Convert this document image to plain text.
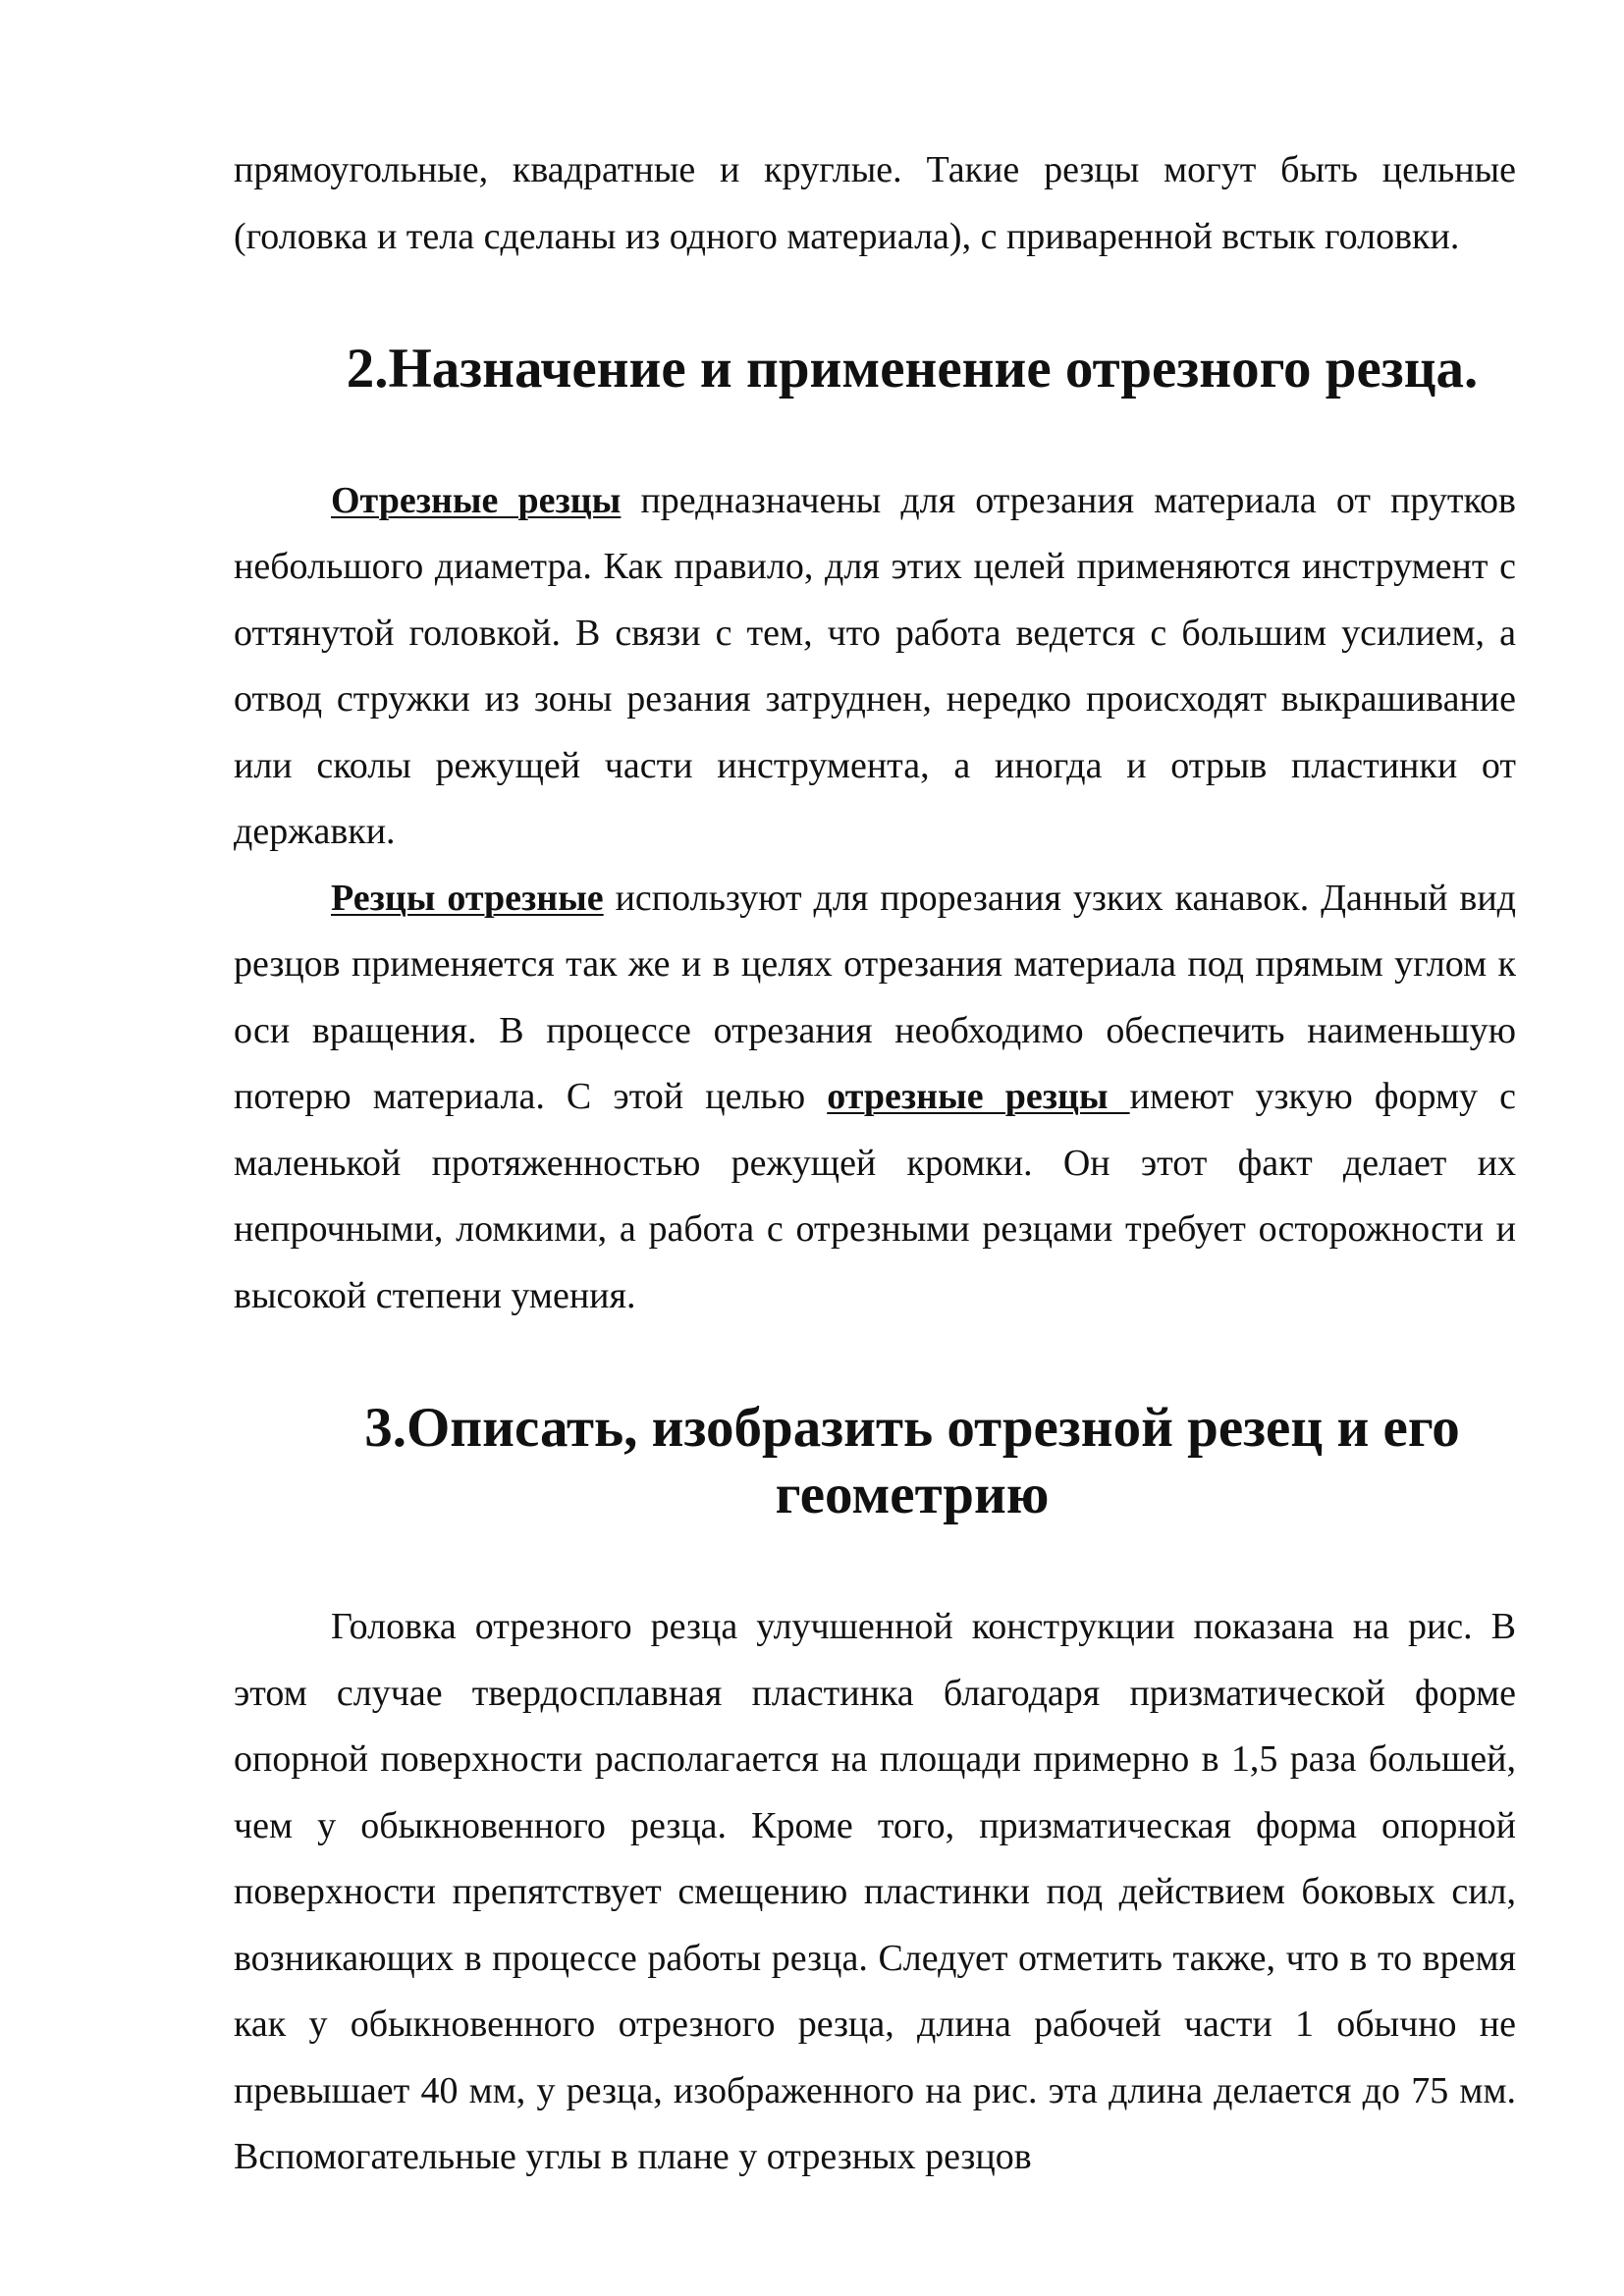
прямоугольные, квадратные и круглые. Такие резцы могут быть цельные (головка и тела сделаны из одного материала), с приваренной встык головки.

2.Назначение и применение отрезного резца.

Отрезные резцы предназначены для отрезания материала от прутков небольшого диаметра. Как правило, для этих целей применяются инструмент с оттянутой головкой. В связи с тем, что работа ведется с большим усилием, а отвод стружки из зоны резания затруднен, нередко происходят выкрашивание или сколы режущей части инструмента, а иногда и отрыв пластинки от державки.

Резцы отрезные используют для прорезания узких канавок. Данный вид резцов применяется так же и в целях отрезания материала под прямым углом к оси вращения. В процессе отрезания необходимо обеспечить наименьшую потерю материала. С этой целью отрезные резцы имеют узкую форму с маленькой протяженностью режущей кромки. Он этот факт делает их непрочными, ломкими, а работа с отрезными резцами требует осторожности и высокой степени умения.

3.Описать, изобразить отрезной резец и его геометрию

Головка отрезного резца улучшенной конструкции показана на рис. В этом случае твердосплавная пластинка благодаря призматической форме опорной поверхности располагается на площади примерно в 1,5 раза большей, чем у обыкновенного резца. Кроме того, призматическая форма опорной поверхности препятствует смещению пластинки под действием боковых сил, возникающих в процессе работы резца. Следует отметить также, что в то время как у обыкновенного отрезного резца, длина рабочей части 1 обычно не превышает 40 мм, у резца, изображенного на рис. эта длина делается до 75 мм. Вспомогательные углы в плане у отрезных резцов
